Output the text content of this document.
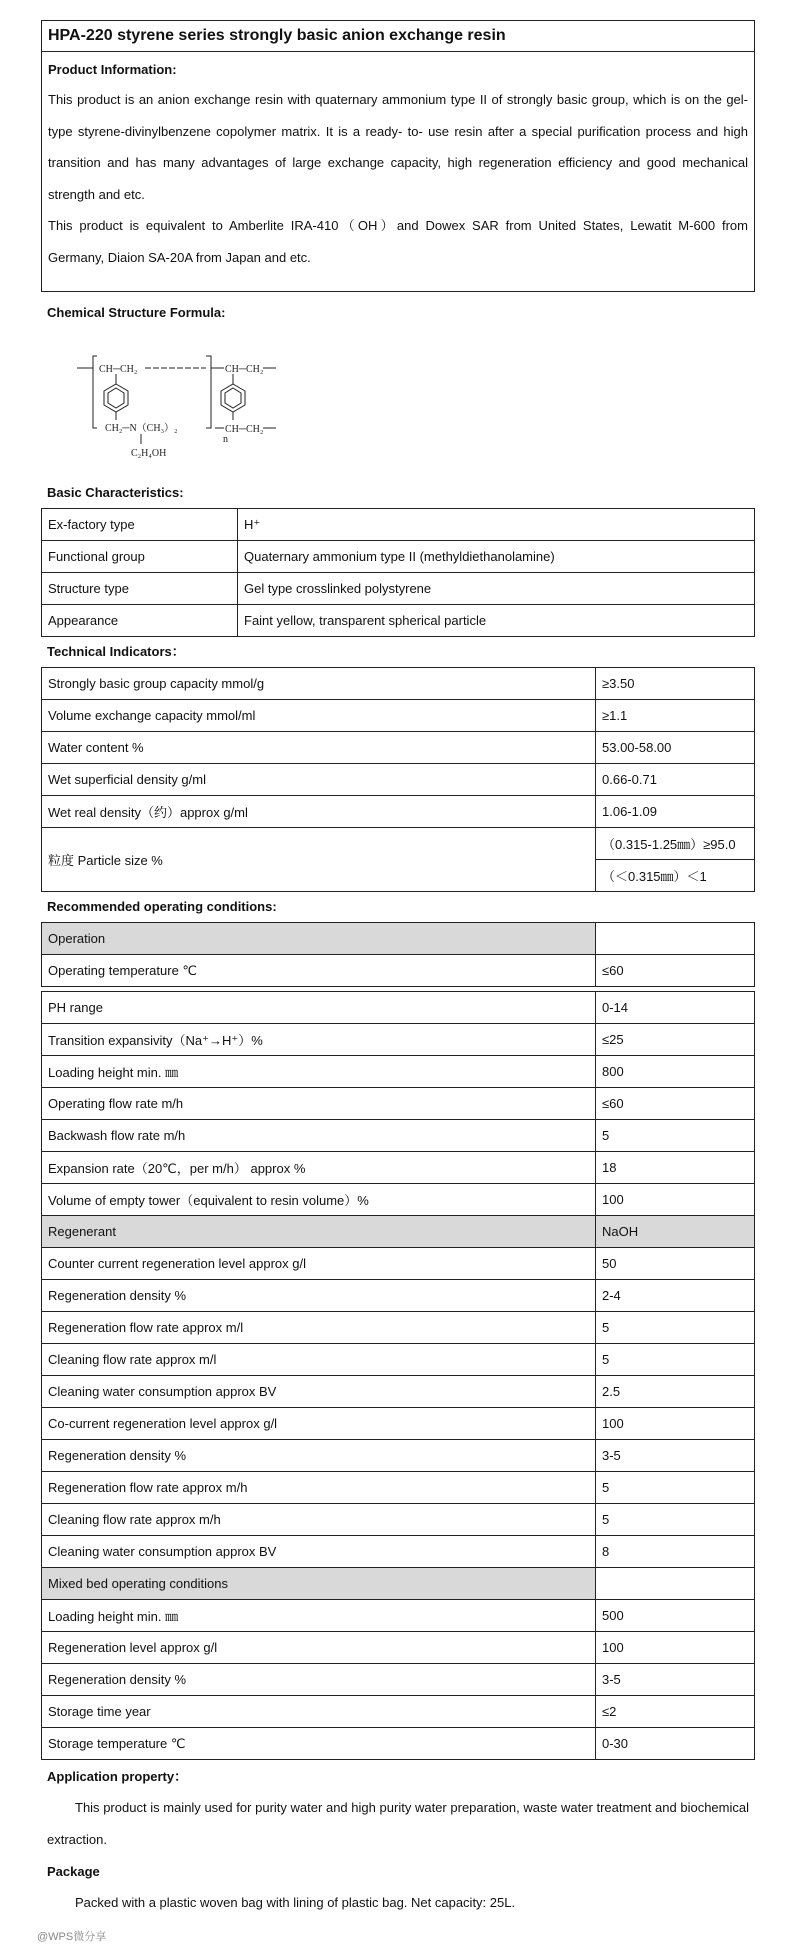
HPA-220 styrene series strongly basic anion exchange resin
Product Information:
This product is an anion exchange resin with quaternary ammonium type II of strongly basic group, which is on the gel-type styrene-divinylbenzene copolymer matrix. It is a ready- to- use resin after a special purification process and high transition and has many advantages of large exchange capacity, high regeneration efficiency and good mechanical strength and etc.
This product is equivalent to Amberlite IRA-410（OH）and Dowex SAR from United States, Lewatit M-600 from Germany, Diaion SA-20A from Japan and etc.
Chemical Structure Formula:
CH─CH₂	CH─CH₂
CH₂─N（CH₃）₂
C₂H₄OH
CH─CH₂
n
Basic Characteristics:
Ex-factory type	H⁺
Functional group	Quaternary ammonium type II (methyldiethanolamine)
Structure type	Gel type crosslinked polystyrene
Appearance	Faint yellow, transparent spherical particle
Technical Indicators：
Strongly basic group capacity mmol/g	≥3.50
Volume exchange capacity mmol/ml	≥1.1
Water content %	53.00-58.00
Wet superficial density g/ml	0.66-0.71
Wet real density（约）approx g/ml	1.06-1.09
粒度 Particle size %	（0.315-1.25㎜）≥95.0
	（＜0.315㎜）＜1
Recommended operating conditions:
Operation	
Operating temperature ℃	≤60
PH range	0-14
Transition expansivity（Na⁺→H⁺）%	≤25
Loading height min. ㎜	800
Operating flow rate m/h	≤60
Backwash flow rate m/h	5
Expansion rate（20℃，per m/h） approx %	18
Volume of empty tower（equivalent to resin volume）%	100
Regenerant	NaOH
Counter current regeneration level approx g/l	50
Regeneration density %	2-4
Regeneration flow rate approx m/l	5
Cleaning flow rate approx m/l	5
Cleaning water consumption approx BV	2.5
Co-current regeneration level approx g/l	100
Regeneration density %	3-5
Regeneration flow rate approx m/h	5
Cleaning flow rate approx m/h	5
Cleaning water consumption approx BV	8
Mixed bed operating conditions	
Loading height min. ㎜	500
Regeneration level approx g/l	100
Regeneration density %	3-5
Storage time year	≤2
Storage temperature ℃	0-30
Application property：
This product is mainly used for purity water and high purity water preparation, waste water treatment and biochemical extraction.
Package
Packed with a plastic woven bag with lining of plastic bag. Net capacity: 25L.
@WPS微分享
